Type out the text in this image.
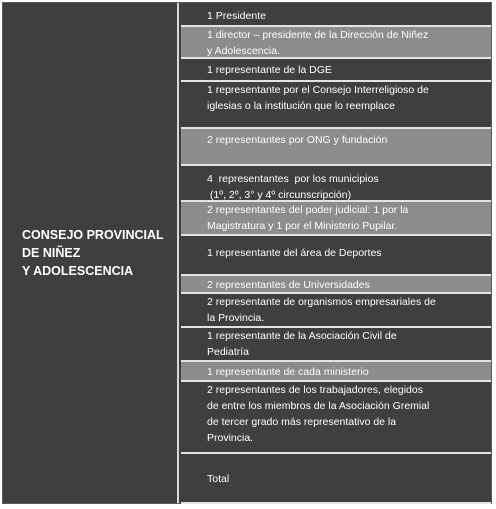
CONSEJO PROVINCIAL
DE NIÑEZ
Y ADOLESCENCIA
1 Presidente
1 director – presidente de la Dirección de Niñez
y Adolescencia.
1 representante de la DGE
1 representante por el Consejo Interreligioso de
iglesias o la institución que lo reemplace
2 representantes por ONG y fundación
4  representantes  por los municipios
(1º, 2º, 3° y 4º circunscripción)
2 representantes del poder judicial: 1 por la
Magistratura y 1 por el Ministerio Pupilar.
1 representante del área de Deportes
2 representantes de Universidades
2 representante de organismos empresariales de
la Provincia.
1 representante de la Asociación Civil de
Pediatría
1 representante de cada ministerio
2 representantes de los trabajadores, elegidos
de entre los miembros de la Asociación Gremial
de tercer grado más representativo de la
Provincia.
Total
